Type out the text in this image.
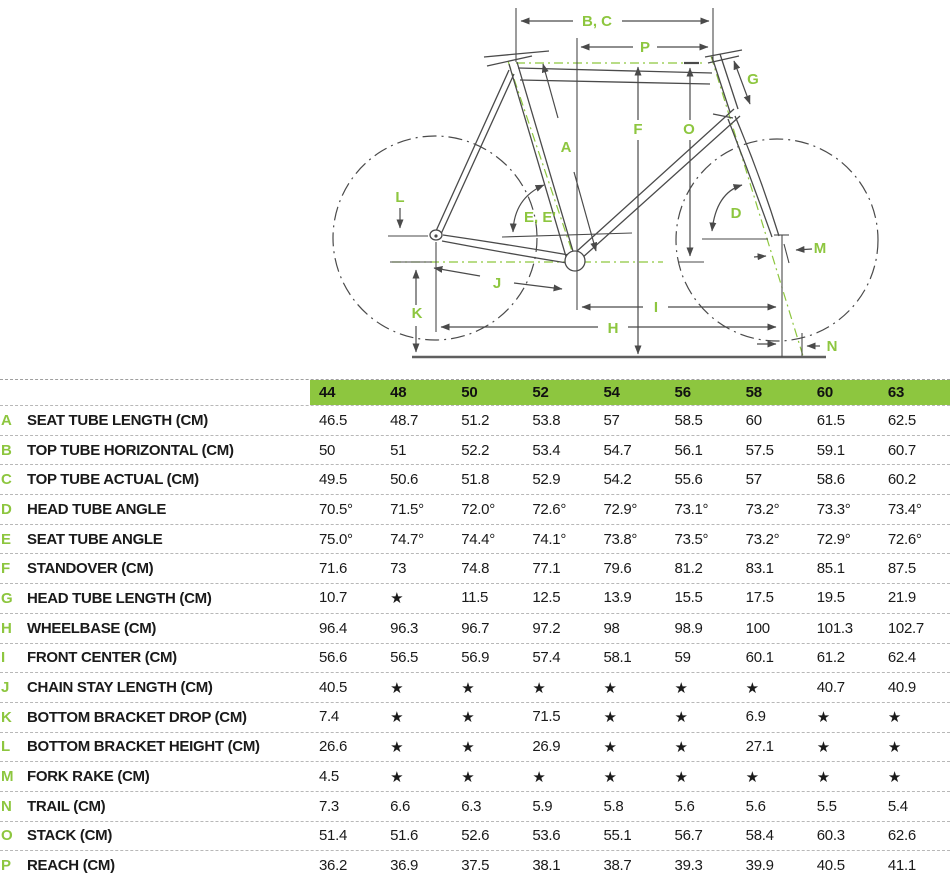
B, C
P
G
A
F	O
E, E'	D
M
L
J
K	I
H
N
44	48	50	52	54	56	58	60	63
A	SEAT TUBE LENGTH (CM)	46.5	48.7	51.2	53.8	57	58.5	60	61.5	62.5
B	TOP TUBE HORIZONTAL (CM)	50	51	52.2	53.4	54.7	56.1	57.5	59.1	60.7
C	TOP TUBE ACTUAL (CM)	49.5	50.6	51.8	52.9	54.2	55.6	57	58.6	60.2
D	HEAD TUBE ANGLE	70.5°	71.5°	72.0°	72.6°	72.9°	73.1°	73.2°	73.3°	73.4°
E	SEAT TUBE ANGLE	75.0°	74.7°	74.4°	74.1°	73.8°	73.5°	73.2°	72.9°	72.6°
F	STANDOVER (CM)	71.6	73	74.8	77.1	79.6	81.2	83.1	85.1	87.5
G HEAD TUBE LENGTH (CM)	10.7	★	11.5	12.5	13.9	15.5	17.5	19.5	21.9
H	WHEELBASE (CM)	96.4	96.3	96.7	97.2	98	98.9	100	101.3	102.7
I	FRONT CENTER (CM)	56.6	56.5	56.9	57.4	58.1	59	60.1	61.2	62.4
J	CHAIN STAY LENGTH (CM)	40.5	★	★	★	★	★	★	40.7	40.9
K	BOTTOM BRACKET DROP (CM)	7.4	★	★	71.5	★	★	6.9	★	★
L	BOTTOM BRACKET HEIGHT (CM)	26.6	★	★	26.9	★	★	27.1	★	★
M FORK RAKE (CM)	4.5	★	★	★	★	★	★	★	★
N	TRAIL (CM)	7.3	6.6	6.3	5.9	5.8	5.6	5.6	5.5	5.4
O STACK (CM)	51.4	51.6	52.6	53.6	55.1	56.7	58.4	60.3	62.6
P	REACH (CM)	36.2	36.9	37.5	38.1	38.7	39.3	39.9	40.5	41.1
